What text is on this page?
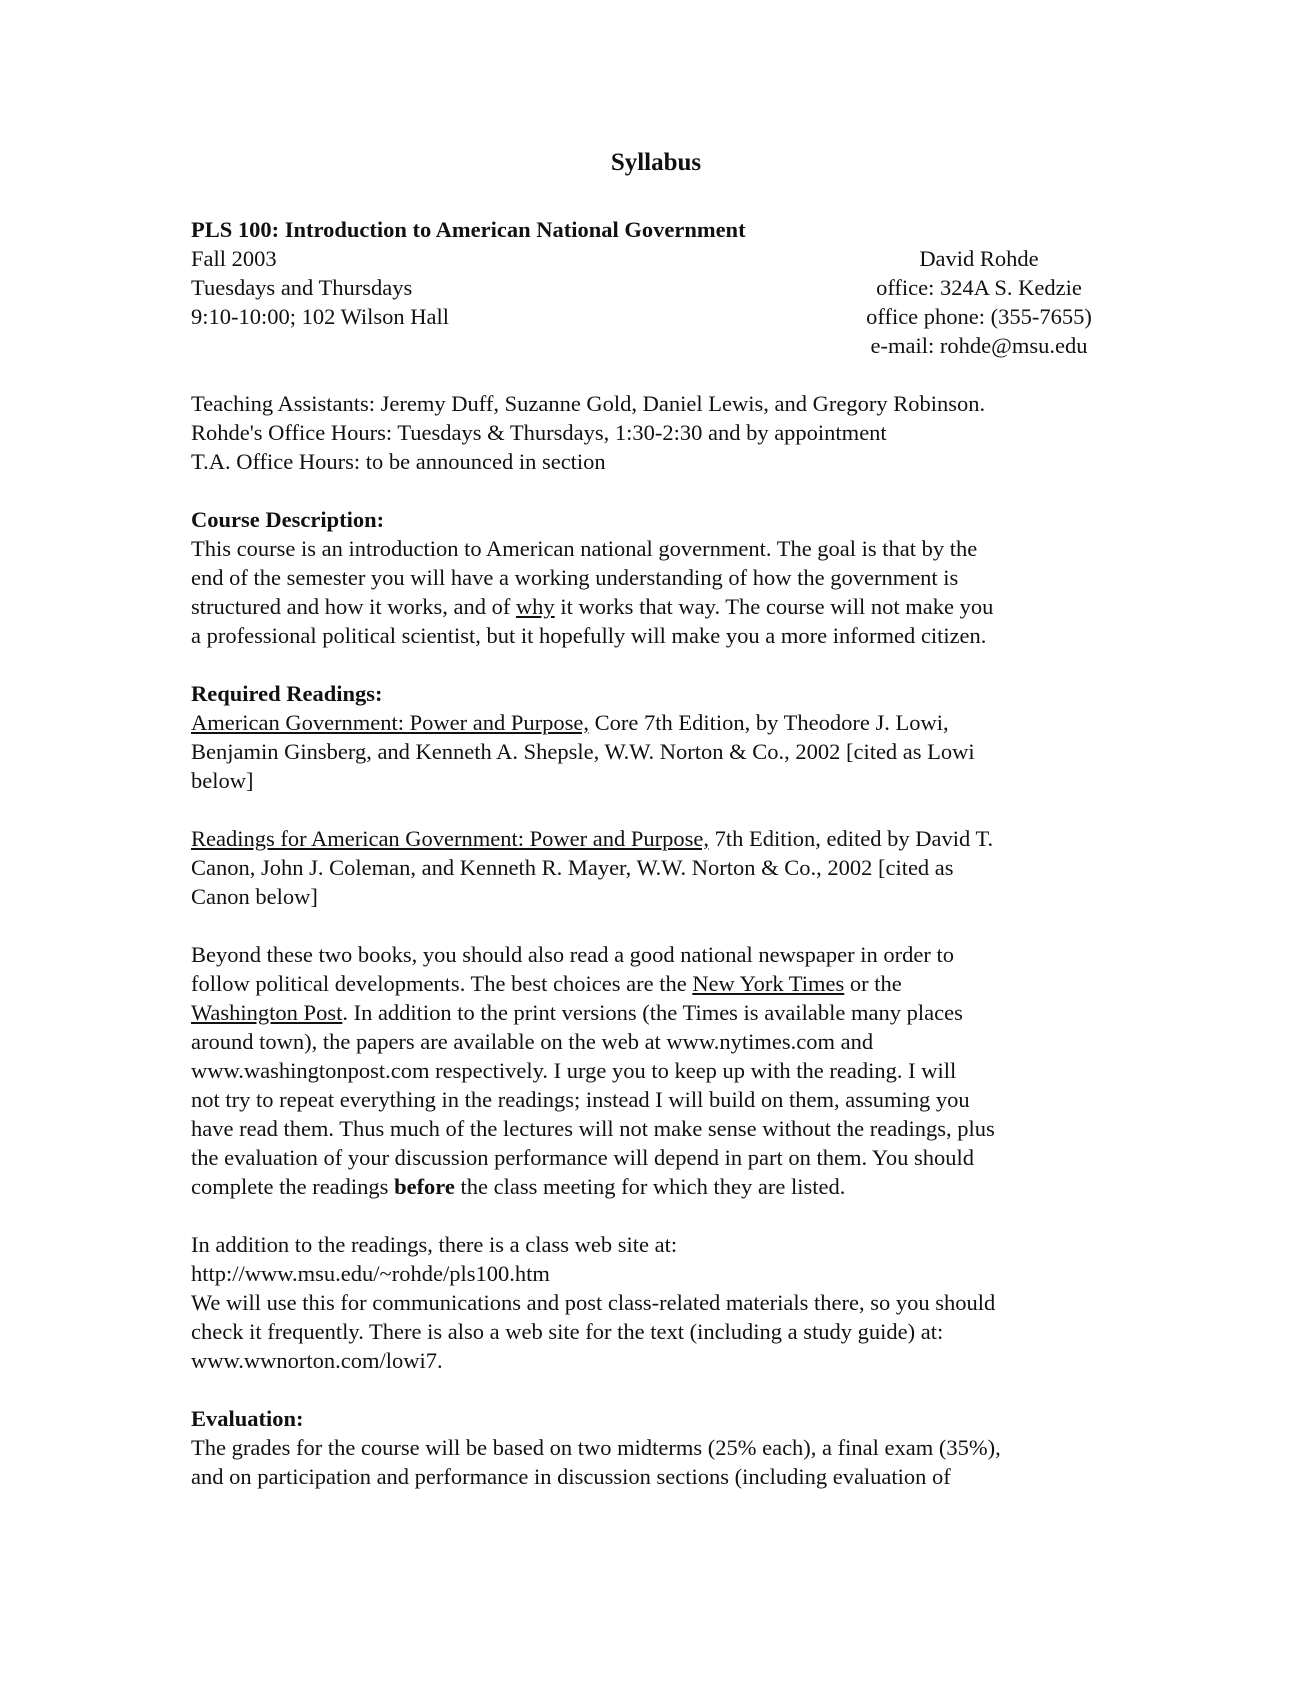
Syllabus
PLS 100: Introduction to American National Government
Fall 2003
Tuesdays and Thursdays
9:10-10:00; 102 Wilson Hall
David Rohde
office: 324A S. Kedzie
office phone: (355-7655)
e-mail: rohde@msu.edu
Teaching Assistants: Jeremy Duff, Suzanne Gold, Daniel Lewis, and Gregory Robinson.
Rohde's Office Hours: Tuesdays & Thursdays, 1:30-2:30 and by appointment
T.A. Office Hours: to be announced in section
Course Description:
This course is an introduction to American national government. The goal is that by the
end of the semester you will have a working understanding of how the government is
structured and how it works, and of why it works that way. The course will not make you
a professional political scientist, but it hopefully will make you a more informed citizen.
Required Readings:
American Government: Power and Purpose, Core 7th Edition, by Theodore J. Lowi,
Benjamin Ginsberg, and Kenneth A. Shepsle, W.W. Norton & Co., 2002 [cited as Lowi
below]
Readings for American Government: Power and Purpose, 7th Edition, edited by David T.
Canon, John J. Coleman, and Kenneth R. Mayer, W.W. Norton & Co., 2002 [cited as
Canon below]
Beyond these two books, you should also read a good national newspaper in order to
follow political developments. The best choices are the New York Times or the
Washington Post. In addition to the print versions (the Times is available many places
around town), the papers are available on the web at www.nytimes.com and
www.washingtonpost.com respectively. I urge you to keep up with the reading. I will
not try to repeat everything in the readings; instead I will build on them, assuming you
have read them. Thus much of the lectures will not make sense without the readings, plus
the evaluation of your discussion performance will depend in part on them. You should
complete the readings before the class meeting for which they are listed.
In addition to the readings, there is a class web site at:
http://www.msu.edu/~rohde/pls100.htm
We will use this for communications and post class-related materials there, so you should
check it frequently. There is also a web site for the text (including a study guide) at:
www.wwnorton.com/lowi7.
Evaluation:
The grades for the course will be based on two midterms (25% each), a final exam (35%),
and on participation and performance in discussion sections (including evaluation of
